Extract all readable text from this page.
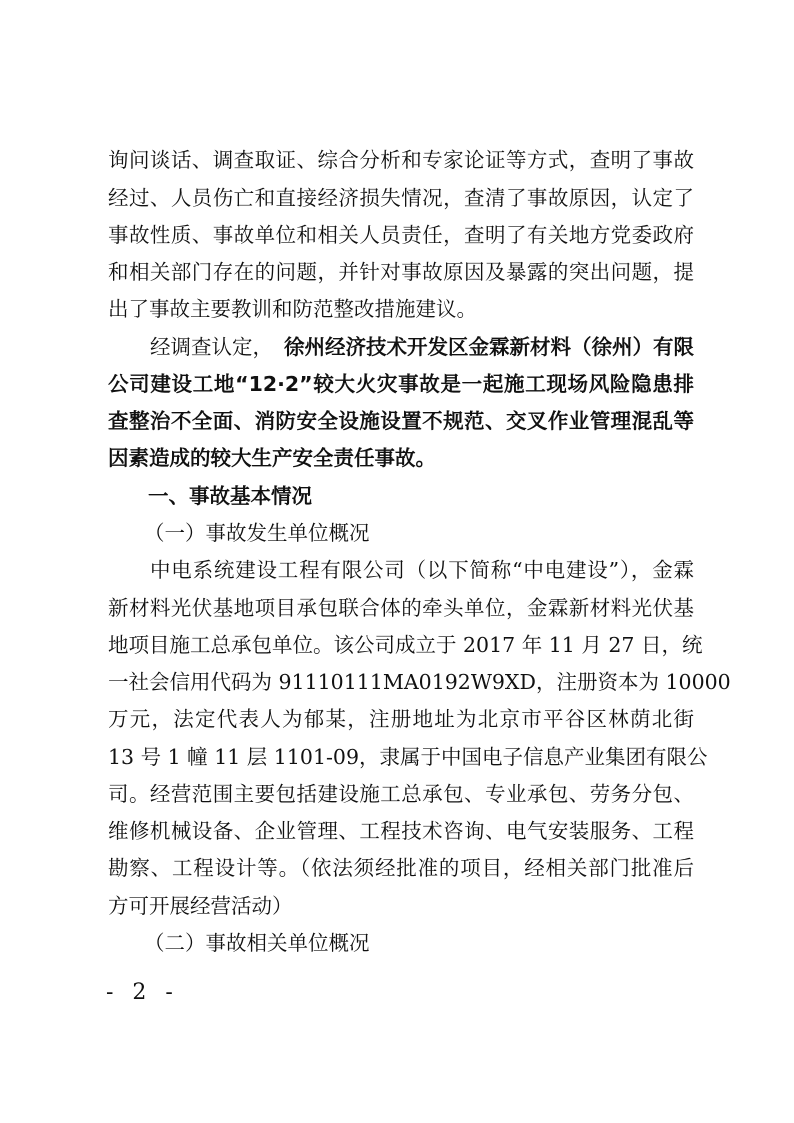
询问谈话、调查取证、综合分析和专家论证等方式，查明了事故
经过、人员伤亡和直接经济损失情况，查清了事故原因，认定了
事故性质、事故单位和相关人员责任，查明了有关地方党委政府
和相关部门存在的问题，并针对事故原因及暴露的突出问题，提
出了事故主要教训和防范整改措施建议。
经调查认定， 徐州经济技术开发区金霖新材料（徐州）有限
公司建设工地“12·2”较大火灾事故是一起施工现场风险隐患排
查整治不全面、消防安全设施设置不规范、交叉作业管理混乱等
因素造成的较大生产安全责任事故。
一、事故基本情况
（一）事故发生单位概况
中电系统建设工程有限公司（以下简称“中电建设”），金霖
新材料光伏基地项目承包联合体的牵头单位，金霖新材料光伏基
地项目施工总承包单位。该公司成立于 2017 年 11 月 27 日，统
一社会信用代码为 91110111MA0192W9XD，注册资本为 10000
万元，法定代表人为郁某，注册地址为北京市平谷区林荫北街
13 号 1 幢 11 层 1101-09，隶属于中国电子信息产业集团有限公
司。经营范围主要包括建设施工总承包、专业承包、劳务分包、
维修机械设备、企业管理、工程技术咨询、电气安装服务、工程
勘察、工程设计等。（依法须经批准的项目，经相关部门批准后
方可开展经营活动）
（二）事故相关单位概况
- 2 -
